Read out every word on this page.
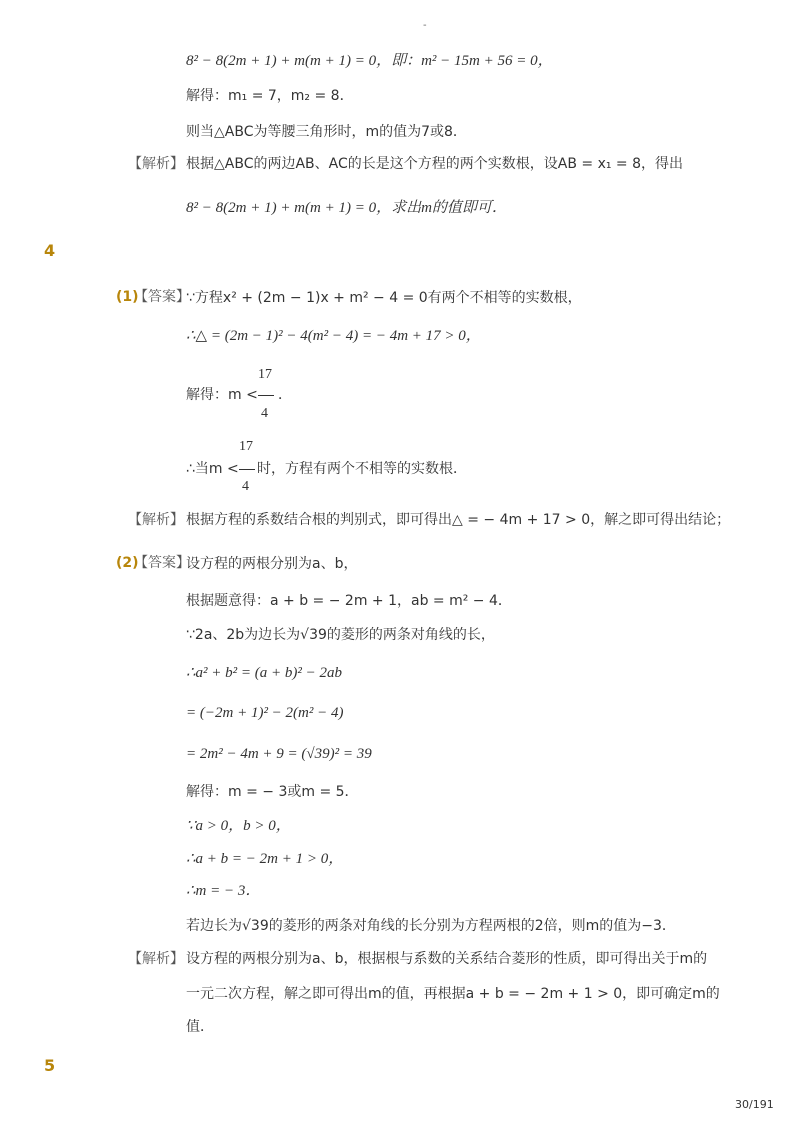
-
8² − 8(2m + 1) + m(m + 1) = 0，即：m² − 15m + 56 = 0，
解得：m₁ = 7，m₂ = 8．
则当△ABC为等腰三角形时，m的值为7或8．
【解析】 根据△ABC的两边AB、AC的长是这个方程的两个实数根，设AB = x₁ = 8，得出
8² − 8(2m + 1) + m(m + 1) = 0，求出m的值即可．
4
(1)
【答案】
∵方程x² + (2m − 1)x + m² − 4 = 0有两个不相等的实数根，
∴△ = (2m − 1)² − 4(m² − 4) = − 4m + 17 > 0，
解得：m <
17
4
．
∴当m <
17
4
时，方程有两个不相等的实数根．
【解析】 根据方程的系数结合根的判别式，即可得出△ = − 4m + 17 > 0，解之即可得出结论；
(2)
【答案】
设方程的两根分别为a、b，
根据题意得：a + b = − 2m + 1，ab = m² − 4．
∵2a、2b为边长为√39的菱形的两条对角线的长，
∴a² + b² = (a + b)² − 2ab
= (−2m + 1)² − 2(m² − 4)
= 2m² − 4m + 9 = (√39)² = 39
解得：m = − 3或m = 5．
∵a > 0，b > 0，
∴a + b = − 2m + 1 > 0，
∴m = − 3．
若边长为√39的菱形的两条对角线的长分别为方程两根的2倍，则m的值为−3．
【解析】 设方程的两根分别为a、b，根据根与系数的关系结合菱形的性质，即可得出关于m的
一元二次方程，解之即可得出m的值，再根据a + b = − 2m + 1 > 0，即可确定m的
值．
5
30/191
